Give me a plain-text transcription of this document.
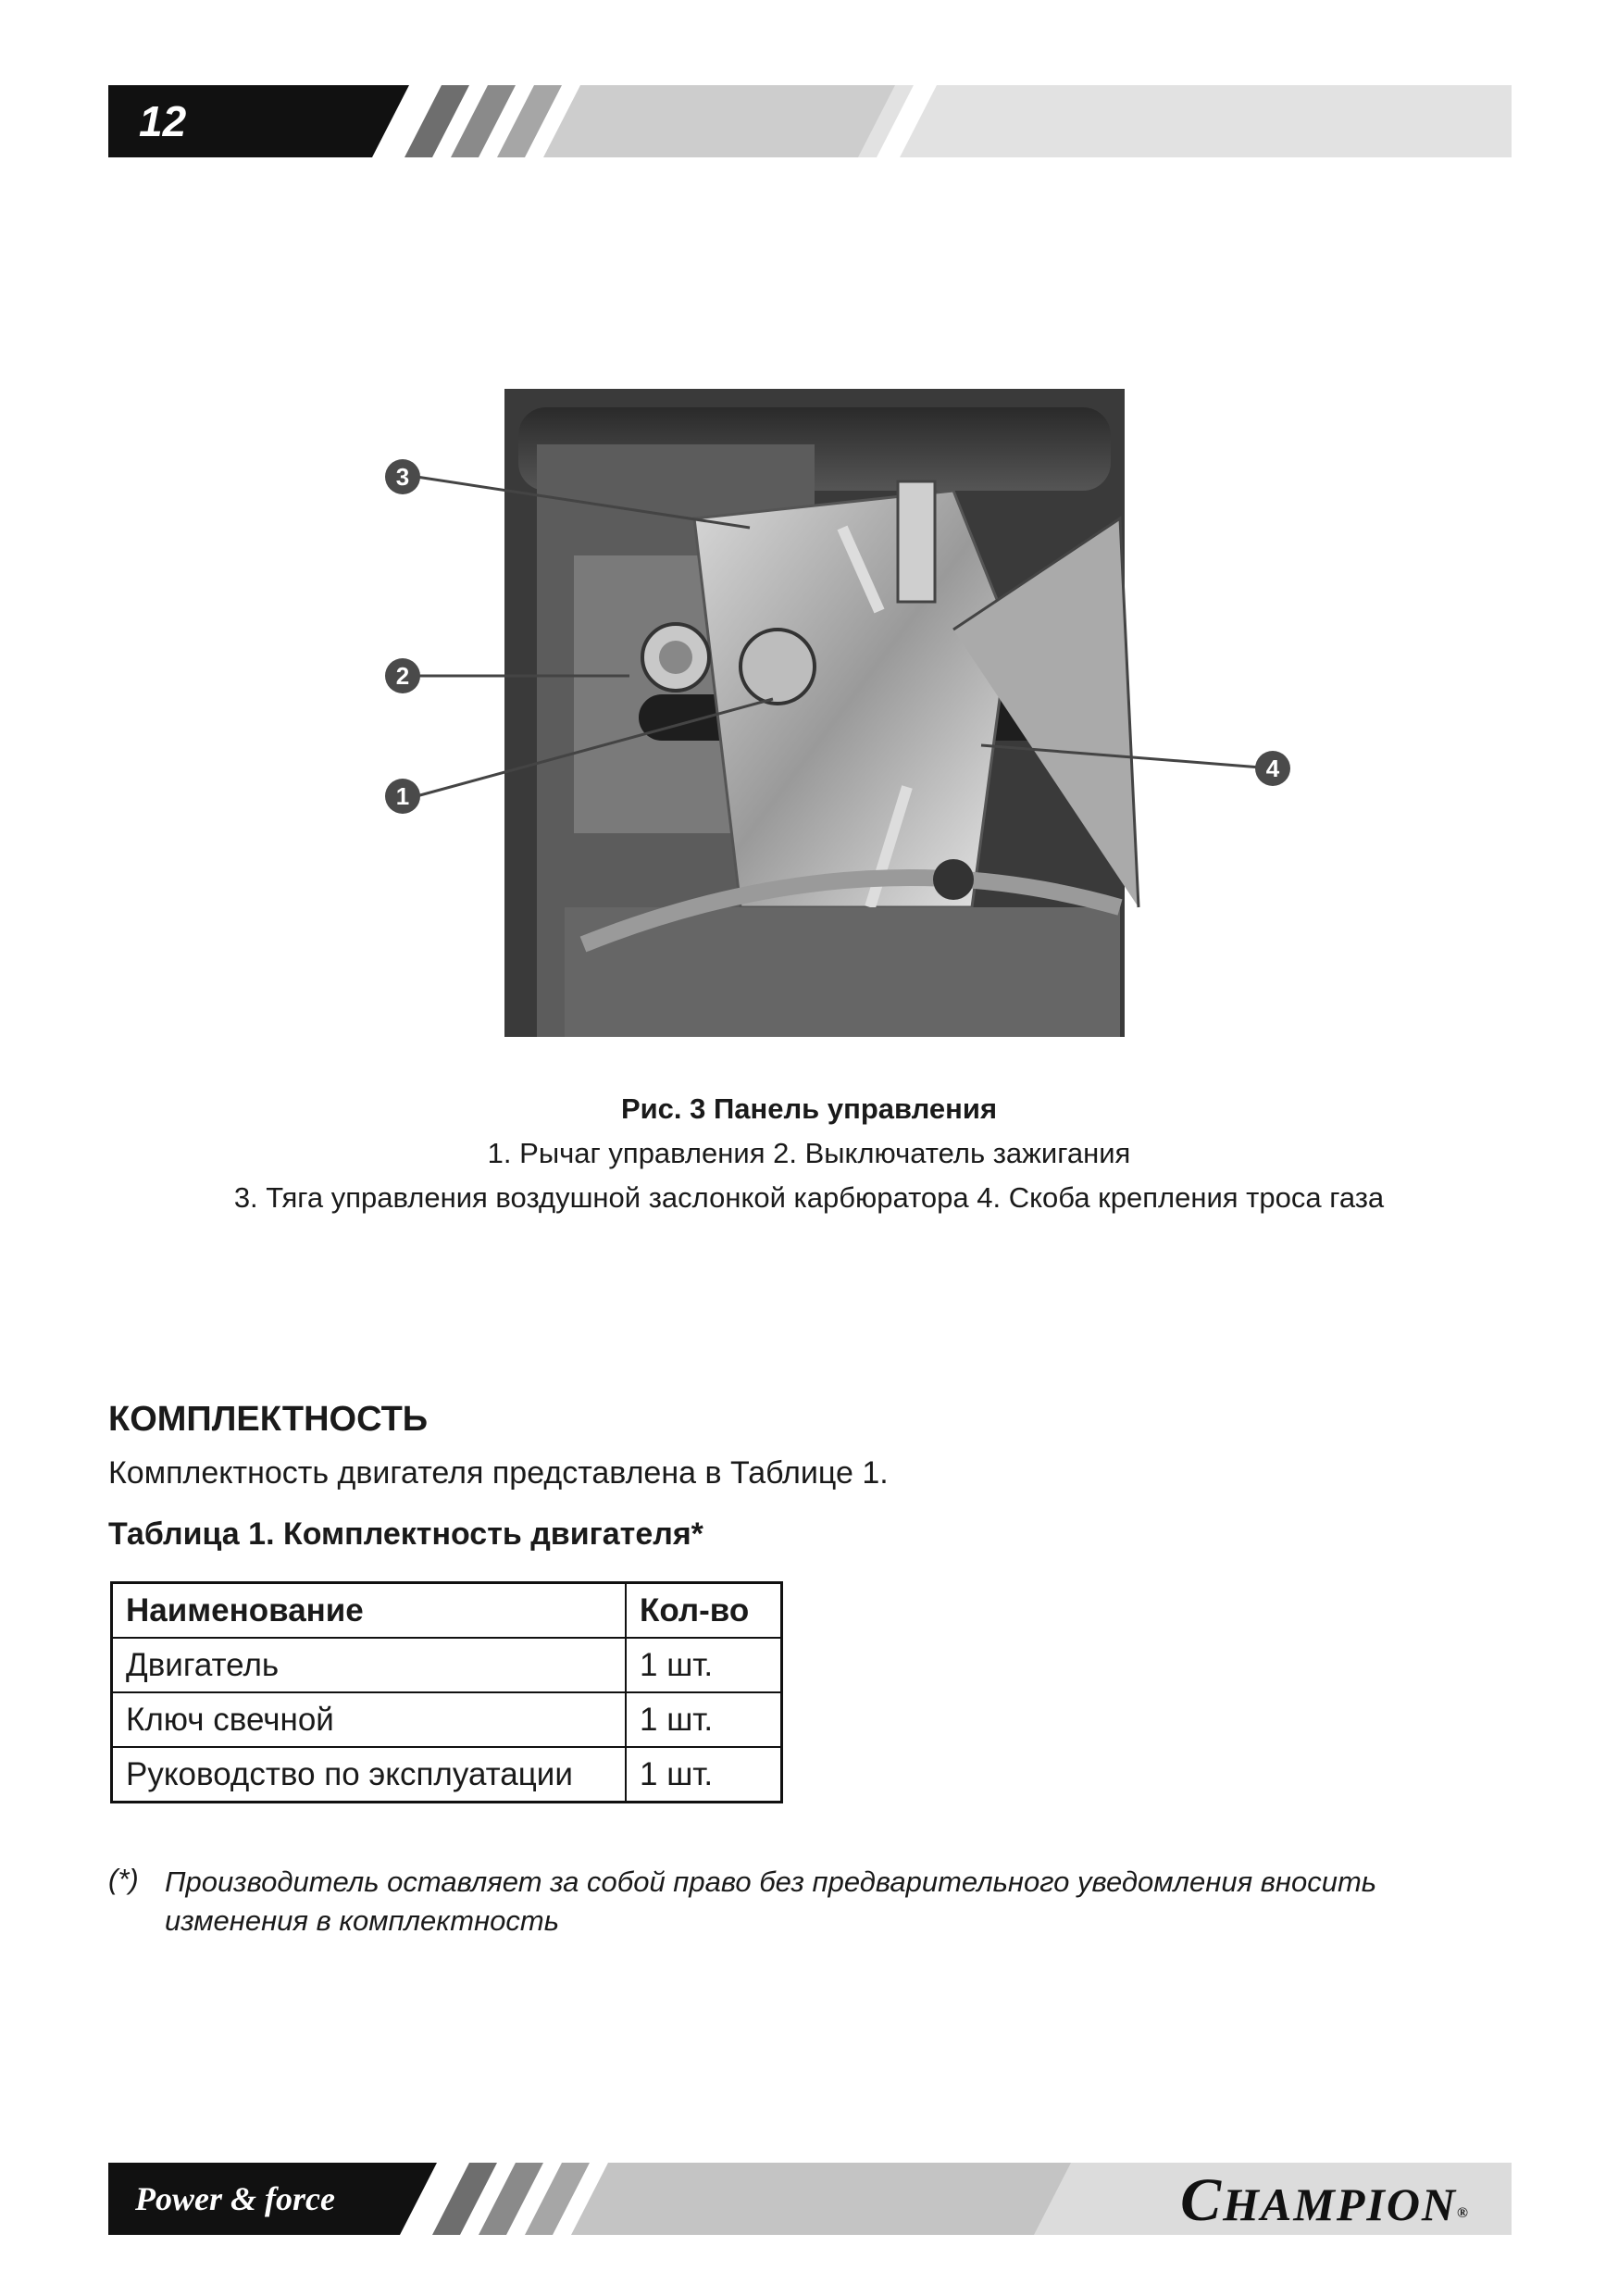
12
3
2
1
4
Рис. 3 Панель управления
1. Рычаг управления 2. Выключатель зажигания
3. Тяга управления воздушной заслонкой карбюратора 4. Скоба крепления троса газа
КОМПЛЕКТНОСТЬ
Комплектность двигателя представлена в Таблице 1.
Таблица 1. Комплектность двигателя*
Наименование	Кол-во
Двигатель	1 шт.
Ключ свечной	1 шт.
Руководство по эксплуатации	1 шт.
(*) Производитель оставляет за собой право без предварительного уведомления вносить изменения в комплектность
Power & force	CHAMPION®
